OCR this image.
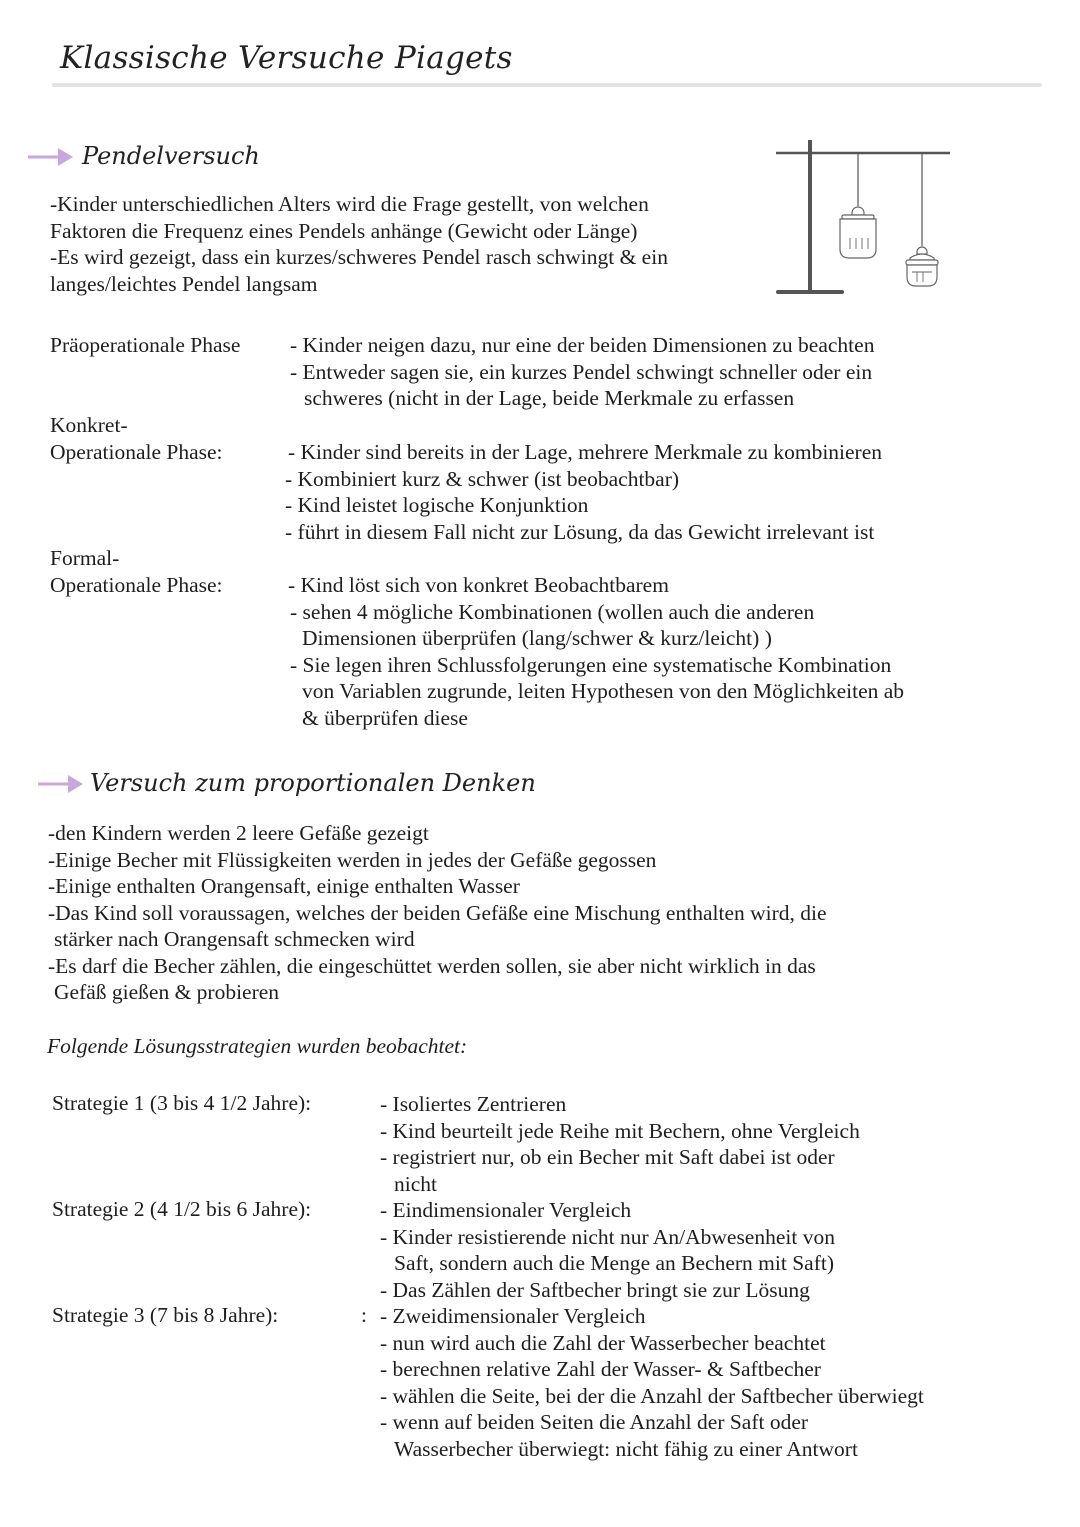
Klassische Versuche Piagets
Pendelversuch
-Kinder unterschiedlichen Alters wird die Frage gestellt, von welchen
Faktoren die Frequenz eines Pendels anhänge (Gewicht oder Länge)
-Es wird gezeigt, dass ein kurzes/schweres Pendel rasch schwingt & ein
langes/leichtes Pendel langsam
Präoperationale Phase - Kinder neigen dazu, nur eine der beiden Dimensionen zu beachten
- Entweder sagen sie, ein kurzes Pendel schwingt schneller oder ein
schweres (nicht in der Lage, beide Merkmale zu erfassen
Konkret-
Operationale Phase:	- Kinder sind bereits in der Lage, mehrere Merkmale zu kombinieren
- Kombiniert kurz & schwer (ist beobachtbar)
- Kind leistet logische Konjunktion
- führt in diesem Fall nicht zur Lösung, da das Gewicht irrelevant ist
Formal-
Operationale Phase:	- Kind löst sich von konkret Beobachtbarem
- sehen 4 mögliche Kombinationen (wollen auch die anderen
Dimensionen überprüfen (lang/schwer & kurz/leicht) )
- Sie legen ihren Schlussfolgerungen eine systematische Kombination
von Variablen zugrunde, leiten Hypothesen von den Möglichkeiten ab
& überprüfen diese
Versuch zum proportionalen Denken
-den Kindern werden 2 leere Gefäße gezeigt
-Einige Becher mit Flüssigkeiten werden in jedes der Gefäße gegossen
-Einige enthalten Orangensaft, einige enthalten Wasser
-Das Kind soll voraussagen, welches der beiden Gefäße eine Mischung enthalten wird, die
stärker nach Orangensaft schmecken wird
-Es darf die Becher zählen, die eingeschüttet werden sollen, sie aber nicht wirklich in das
Gefäß gießen & probieren
Folgende Lösungsstrategien wurden beobachtet:
Strategie 1 (3 bis 4 1/2 Jahre):	- Isoliertes Zentrieren
- Kind beurteilt jede Reihe mit Bechern, ohne Vergleich
- registriert nur, ob ein Becher mit Saft dabei ist oder
nicht
Strategie 2 (4 1/2 bis 6 Jahre):	- Eindimensionaler Vergleich
- Kinder resistierende nicht nur An/Abwesenheit von
Saft, sondern auch die Menge an Bechern mit Saft)
- Das Zählen der Saftbecher bringt sie zur Lösung
Strategie 3 (7 bis 8 Jahre):	: - Zweidimensionaler Vergleich
- nun wird auch die Zahl der Wasserbecher beachtet
- berechnen relative Zahl der Wasser- & Saftbecher
- wählen die Seite, bei der die Anzahl der Saftbecher überwiegt
- wenn auf beiden Seiten die Anzahl der Saft oder
Wasserbecher überwiegt: nicht fähig zu einer Antwort
